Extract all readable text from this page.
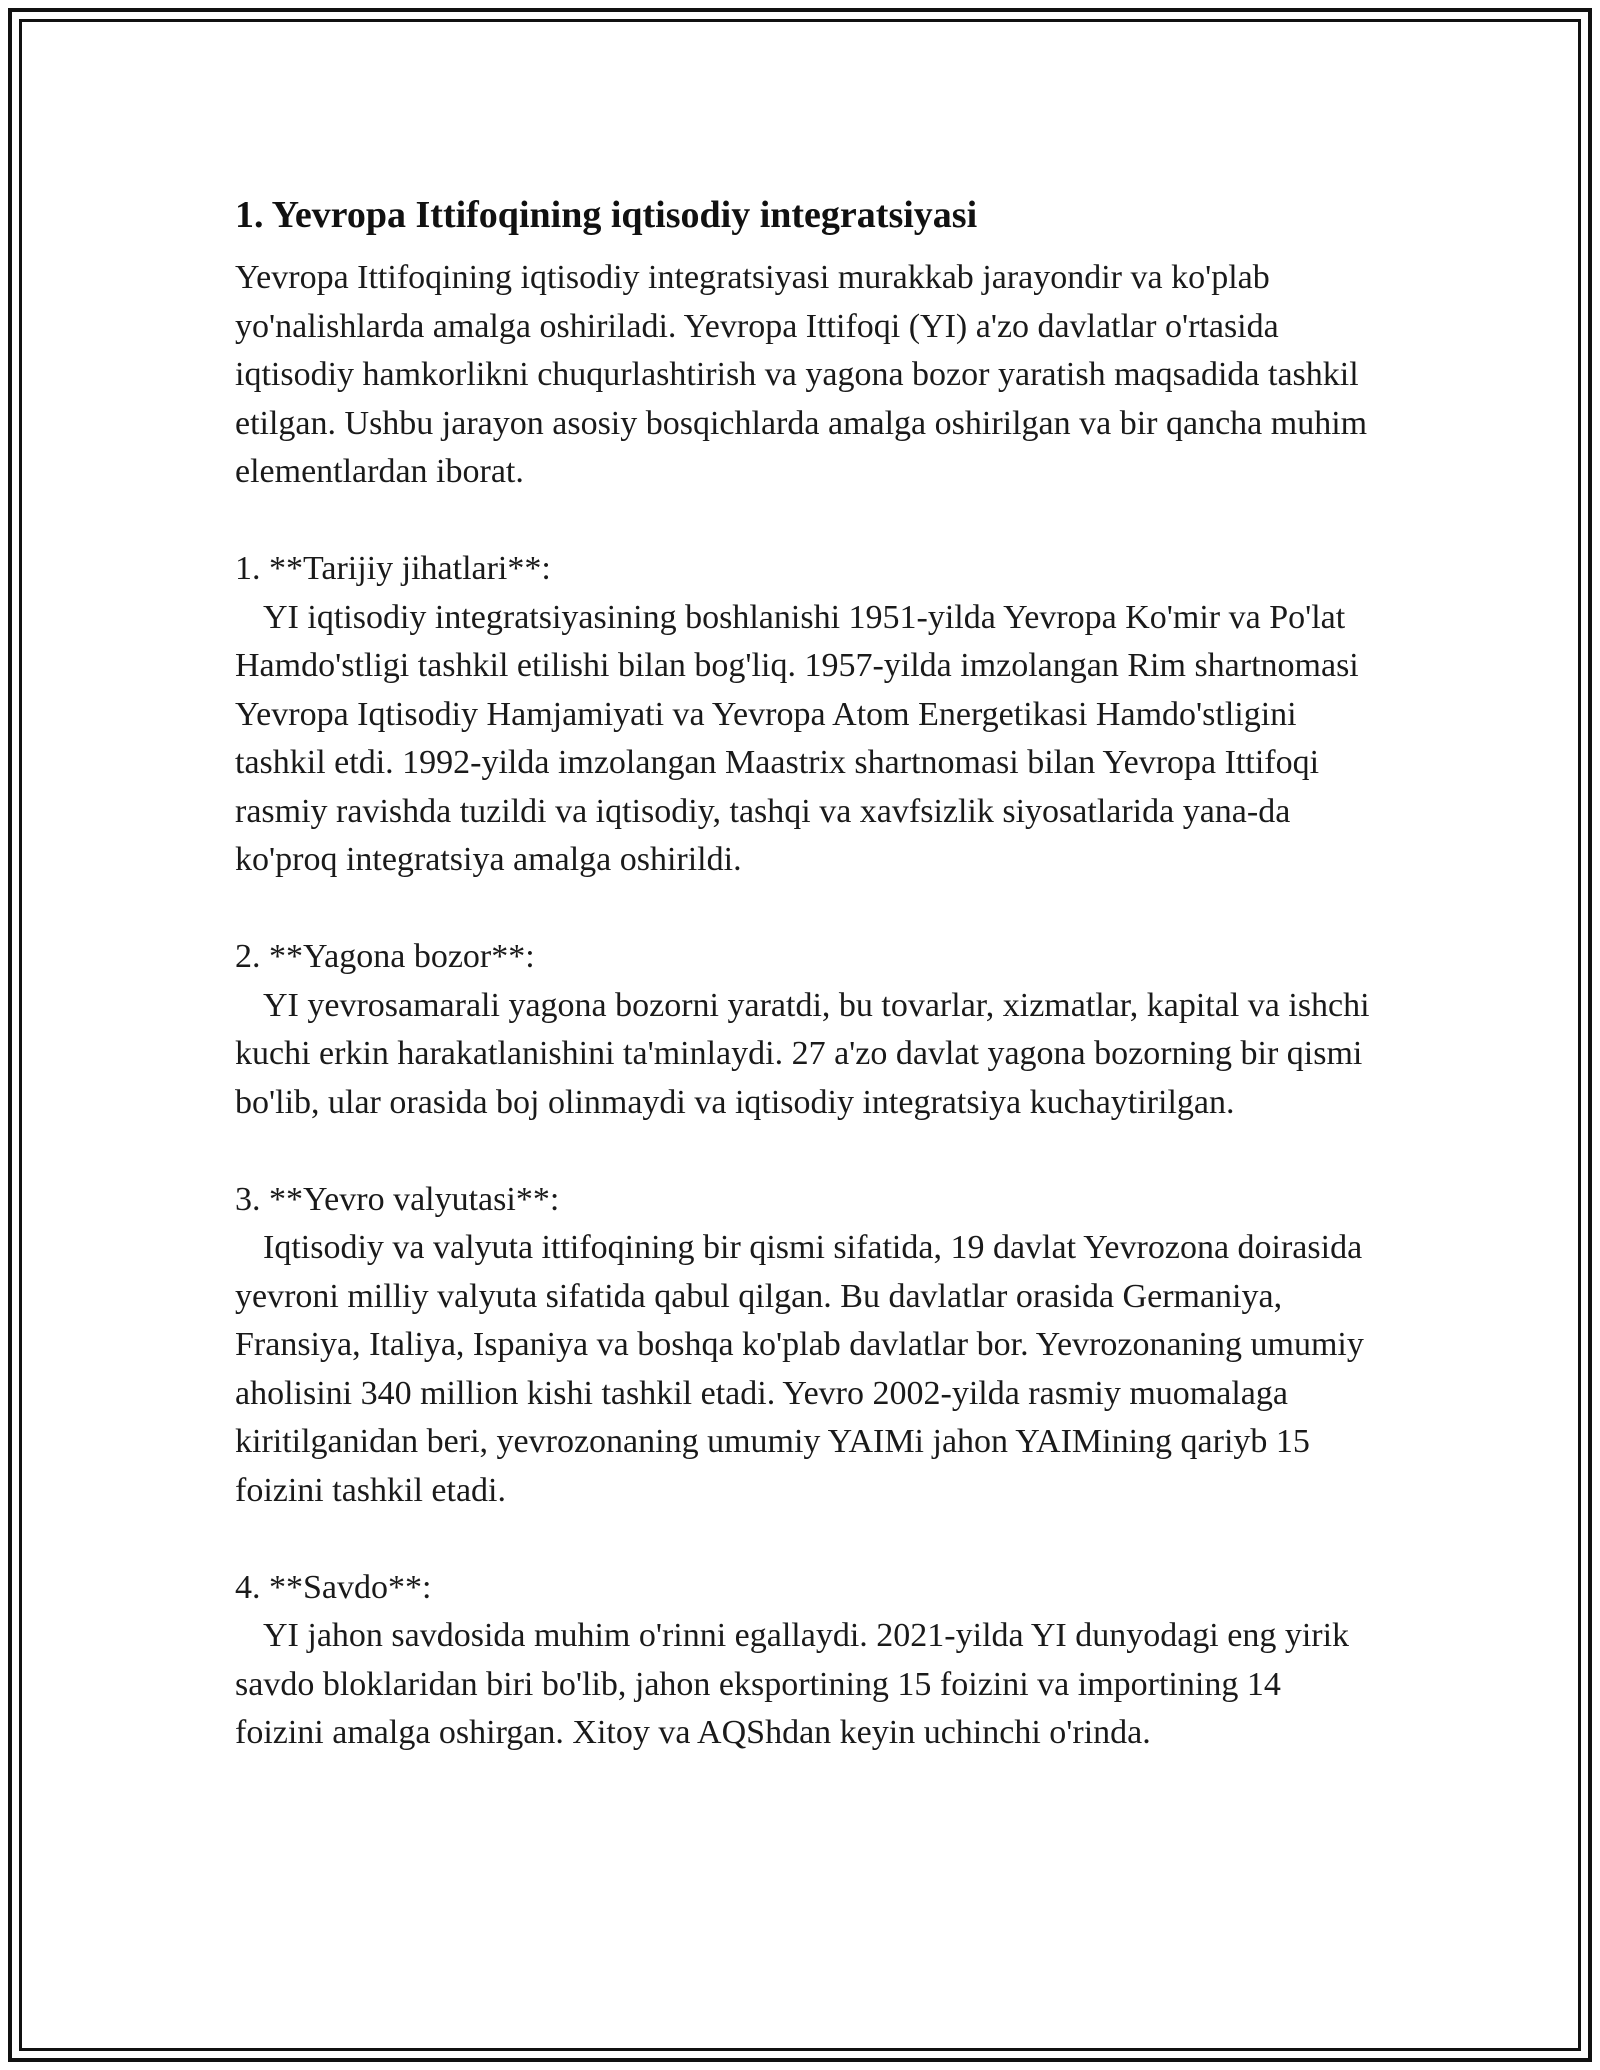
1. Yevropa Ittifoqining iqtisodiy integratsiyasi

Yevropa Ittifoqining iqtisodiy integratsiyasi murakkab jarayondir va ko'plab yo'nalishlarda amalga oshiriladi. Yevropa Ittifoqi (YI) a'zo davlatlar o'rtasida iqtisodiy hamkorlikni chuqurlashtirish va yagona bozor yaratish maqsadida tashkil etilgan. Ushbu jarayon asosiy bosqichlarda amalga oshirilgan va bir qancha muhim elementlardan iborat.

1. **Tarijiy jihatlari**:

YI iqtisodiy integratsiyasining boshlanishi 1951-yilda Yevropa Ko'mir va Po'lat Hamdo'stligi tashkil etilishi bilan bog'liq. 1957-yilda imzolangan Rim shartnomasi Yevropa Iqtisodiy Hamjamiyati va Yevropa Atom Energetikasi Hamdo'stligini tashkil etdi. 1992-yilda imzolangan Maastrix shartnomasi bilan Yevropa Ittifoqi rasmiy ravishda tuzildi va iqtisodiy, tashqi va xavfsizlik siyosatlarida yana-da ko'proq integratsiya amalga oshirildi.

2. **Yagona bozor**:

YI yevrosamarali yagona bozorni yaratdi, bu tovarlar, xizmatlar, kapital va ishchi kuchi erkin harakatlanishini ta'minlaydi. 27 a'zo davlat yagona bozorning bir qismi bo'lib, ular orasida boj olinmaydi va iqtisodiy integratsiya kuchaytirilgan.

3. **Yevro valyutasi**:

Iqtisodiy va valyuta ittifoqining bir qismi sifatida, 19 davlat Yevrozona doirasida yevroni milliy valyuta sifatida qabul qilgan. Bu davlatlar orasida Germaniya, Fransiya, Italiya, Ispaniya va boshqa ko'plab davlatlar bor. Yevrozonaning umumiy aholisini 340 million kishi tashkil etadi. Yevro 2002-yilda rasmiy muomalaga kiritilganidan beri, yevrozonaning umumiy YAIMi jahon YAIMining qariyb 15 foizini tashkil etadi.

4. **Savdo**:

YI jahon savdosida muhim o'rinni egallaydi. 2021-yilda YI dunyodagi eng yirik savdo bloklaridan biri bo'lib, jahon eksportining 15 foizini va importining 14 foizini amalga oshirgan. Xitoy va AQShdan keyin uchinchi o'rinda.
